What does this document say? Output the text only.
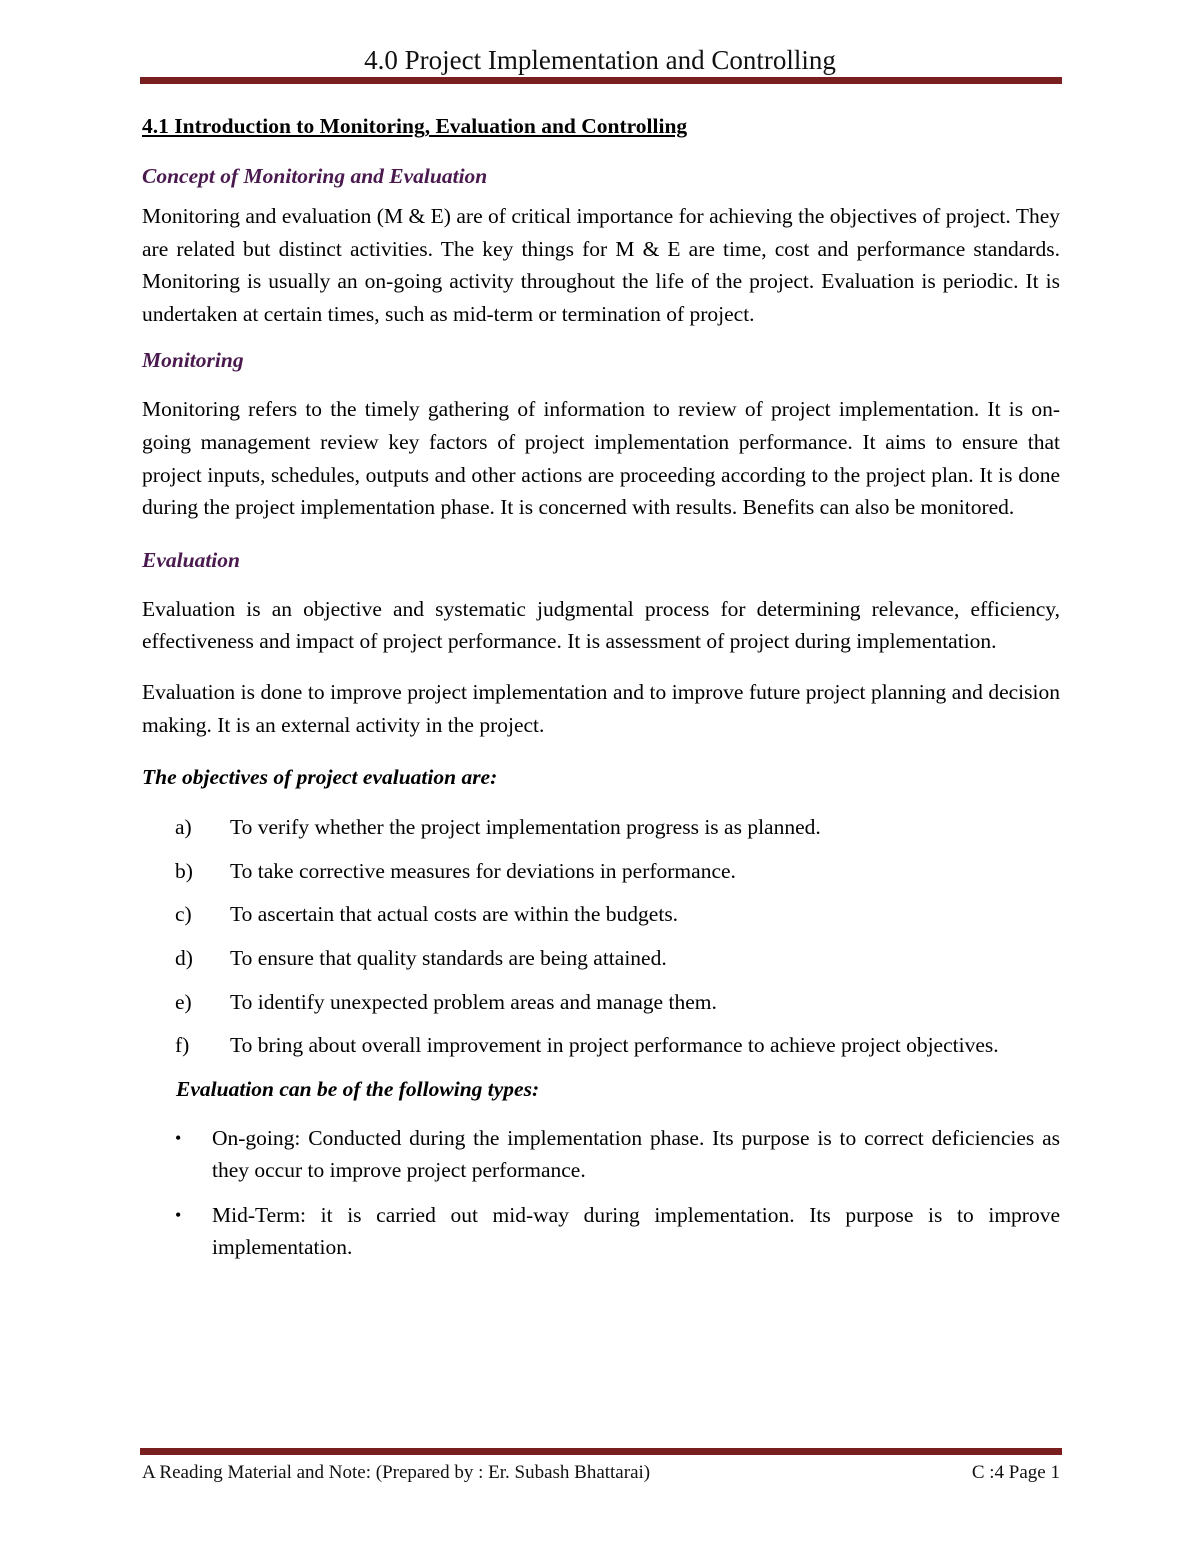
4.0 Project Implementation and Controlling
4.1 Introduction to Monitoring, Evaluation and Controlling
Concept of Monitoring and Evaluation
Monitoring and evaluation (M & E) are of critical importance for achieving the objectives of project. They are related but distinct activities. The key things for M & E are time, cost and performance standards. Monitoring is usually an on-going activity throughout the life of the project. Evaluation is periodic. It is undertaken at certain times, such as mid-term or termination of project.
Monitoring
Monitoring refers to the timely gathering of information to review of project implementation. It is on-going management review key factors of project implementation performance. It aims to ensure that project inputs, schedules, outputs and other actions are proceeding according to the project plan. It is done during the project implementation phase. It is concerned with results. Benefits can also be monitored.
Evaluation
Evaluation is an objective and systematic judgmental process for determining relevance, efficiency, effectiveness and impact of project performance. It is assessment of project during implementation.
Evaluation is done to improve project implementation and to improve future project planning and decision making. It is an external activity in the project.
The objectives of project evaluation are:
a)	To verify whether the project implementation progress is as planned.
b)	To take corrective measures for deviations in performance.
c)	To ascertain that actual costs are within the budgets.
d)	To ensure that quality standards are being attained.
e)	To identify unexpected problem areas and manage them.
f)	To bring about overall improvement in project performance to achieve project objectives.
Evaluation can be of the following types:
•	On-going: Conducted during the implementation phase. Its purpose is to correct deficiencies as they occur to improve project performance.
•	Mid-Term: it is carried out mid-way during implementation. Its purpose is to improve implementation.
A Reading Material and Note: (Prepared by : Er. Subash Bhattarai)	C :4 Page 1
